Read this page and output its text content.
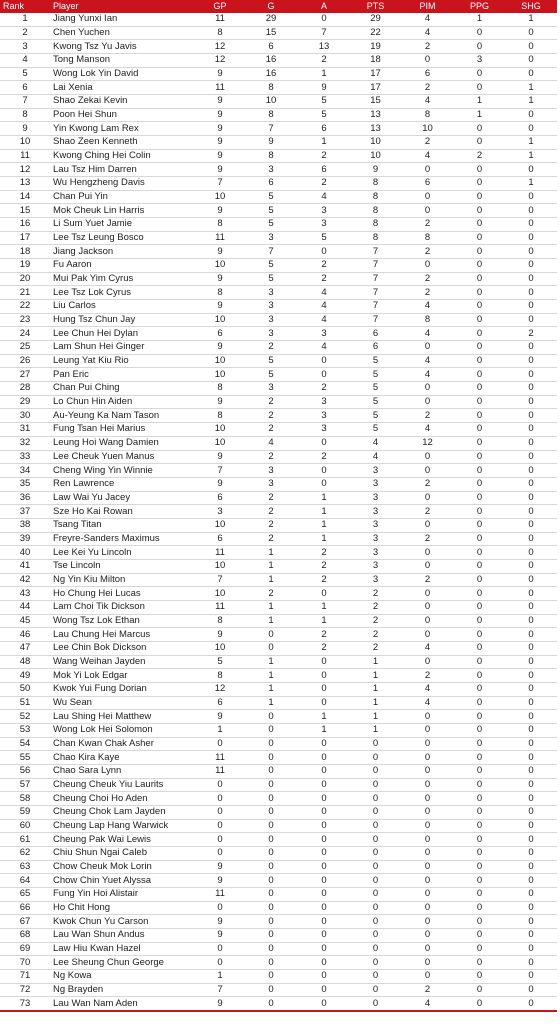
Rank	Player	GP	G	A	PTS	PIM	PPG	SHG
1	Jiang Yunxi Ian	11	29	0	29	4	1	1
2	Chen Yuchen	8	15	7	22	4	0	0
3	Kwong Tsz Yu Javis	12	6	13	19	2	0	0
4	Tong Manson	12	16	2	18	0	3	0
5	Wong Lok Yin David	9	16	1	17	6	0	0
6	Lai Xenia	11	8	9	17	2	0	1
7	Shao Zekai Kevin	9	10	5	15	4	1	1
8	Poon Hei Shun	9	8	5	13	8	1	0
9	Yin Kwong Lam Rex	9	7	6	13	10	0	0
10	Shao Zeen Kenneth	9	9	1	10	2	0	1
11	Kwong Ching Hei Colin	9	8	2	10	4	2	1
12	Lau Tsz Him Darren	9	3	6	9	0	0	0
13	Wu Hengzheng Davis	7	6	2	8	6	0	1
14	Chan Pui Yin	10	5	4	8	0	0	0
15	Mok Cheuk Lin Harris	9	5	3	8	0	0	0
16	Li Sum Yuet Jamie	8	5	3	8	2	0	0
17	Lee Tsz Leung Bosco	11	3	5	8	8	0	0
18	Jiang Jackson	9	7	0	7	2	0	0
19	Fu Aaron	10	5	2	7	0	0	0
20	Mui Pak Yim Cyrus	9	5	2	7	2	0	0
21	Lee Tsz Lok Cyrus	8	3	4	7	2	0	0
22	Liu Carlos	9	3	4	7	4	0	0
23	Hung Tsz Chun Jay	10	3	4	7	8	0	0
24	Lee Chun Hei Dylan	6	3	3	6	4	0	2
25	Lam Shun Hei Ginger	9	2	4	6	0	0	0
26	Leung Yat Kiu Rio	10	5	0	5	4	0	0
27	Pan Eric	10	5	0	5	4	0	0
28	Chan Pui Ching	8	3	2	5	0	0	0
29	Lo Chun Hin Aiden	9	2	3	5	0	0	0
30	Au-Yeung Ka Nam Tason	8	2	3	5	2	0	0
31	Fung Tsan Hei Marius	10	2	3	5	4	0	0
32	Leung Hoi Wang Damien	10	4	0	4	12	0	0
33	Lee Cheuk Yuen Manus	9	2	2	4	0	0	0
34	Cheng Wing Yin Winnie	7	3	0	3	0	0	0
35	Ren Lawrence	9	3	0	3	2	0	0
36	Law Wai Yu Jacey	6	2	1	3	0	0	0
37	Sze Ho Kai Rowan	3	2	1	3	2	0	0
38	Tsang Titan	10	2	1	3	0	0	0
39	Freyre-Sanders Maximus	6	2	1	3	2	0	0
40	Lee Kei Yu Lincoln	11	1	2	3	0	0	0
41	Tse Lincoln	10	1	2	3	0	0	0
42	Ng Yin Kiu Milton	7	1	2	3	2	0	0
43	Ho Chung Hei Lucas	10	2	0	2	0	0	0
44	Lam Choi Tik Dickson	11	1	1	2	0	0	0
45	Wong Tsz Lok Ethan	8	1	1	2	0	0	0
46	Lau Chung Hei Marcus	9	0	2	2	0	0	0
47	Lee Chin Bok Dickson	10	0	2	2	4	0	0
48	Wang Weihan Jayden	5	1	0	1	0	0	0
49	Mok Yi Lok Edgar	8	1	0	1	2	0	0
50	Kwok Yui Fung Dorian	12	1	0	1	4	0	0
51	Wu Sean	6	1	0	1	4	0	0
52	Lau Shing Hei Matthew	9	0	1	1	0	0	0
53	Wong Lok Hei Solomon	1	0	1	1	0	0	0
54	Chan Kwan Chak Asher	0	0	0	0	0	0	0
55	Chao Kira Kaye	11	0	0	0	0	0	0
56	Chao Sara Lynn	11	0	0	0	0	0	0
57	Cheung Cheuk Yiu Laurits	0	0	0	0	0	0	0
58	Cheung Choi Ho Aden	0	0	0	0	0	0	0
59	Cheung Chok Lam Jayden	0	0	0	0	0	0	0
60	Cheung Lap Hang Warwick	0	0	0	0	0	0	0
61	Cheung Pak Wai Lewis	0	0	0	0	0	0	0
62	Chiu Shun Ngai Caleb	0	0	0	0	0	0	0
63	Chow Cheuk Mok Lorin	9	0	0	0	0	0	0
64	Chow Chin Yuet Alyssa	9	0	0	0	0	0	0
65	Fung Yin Hoi Alistair	11	0	0	0	0	0	0
66	Ho Chit Hong	0	0	0	0	0	0	0
67	Kwok Chun Yu Carson	9	0	0	0	0	0	0
68	Lau Wan Shun Andus	9	0	0	0	0	0	0
69	Law Hiu Kwan Hazel	0	0	0	0	0	0	0
70	Lee Sheung Chun George	0	0	0	0	0	0	0
71	Ng Kowa	1	0	0	0	0	0	0
72	Ng Brayden	7	0	0	0	2	0	0
73	Lau Wan Nam Aden	9	0	0	0	4	0	0
